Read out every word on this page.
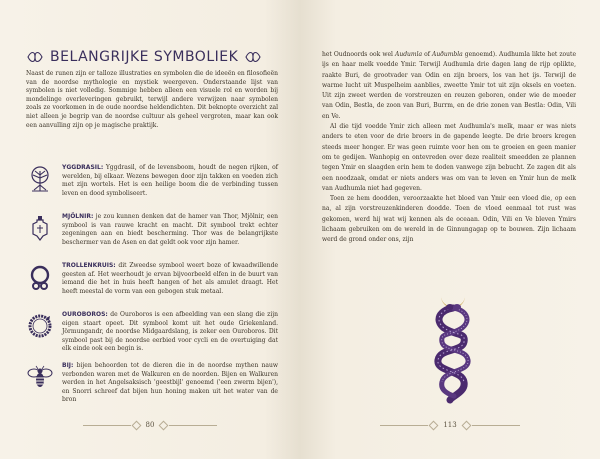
BELANGRIJKE SYMBOLIEK

Naast de runen zijn er talloze illustraties en symbolen die de ideeën en filosofieën van de noordse mythologie en mystiek weergeven. Onderstaande lijst van symbolen is niet volledig. Sommige hebben alleen een visuele rol en worden bij mondelinge overleveringen gebruikt, terwijl andere verwijzen naar symbolen zoals ze voorkomen in de oude noordse heldendichten. Dit beknopte overzicht zal niet alleen je begrip van de noordse cultuur als geheel vergroten, maar kan ook een aanvulling zijn op je magische praktijk.

YGGDRASIL: Yggdrasil, of de levensboom, houdt de negen rijken, of werelden, bij elkaar. Wezens bewegen door zijn takken en voeden zich met zijn wortels. Het is een heilige boom die de verbinding tussen leven en dood symboliseert.

MJÖLNIR: je zou kunnen denken dat de hamer van Thor, Mjölnir, een symbool is van rauwe kracht en macht. Dit symbool trekt echter zegeningen aan en biedt bescherming. Thor was de belangrijkste beschermer van de Asen en dat geldt ook voor zijn hamer.

TROLLENKRUIS: dit Zweedse symbool weert boze of kwaadwillende geesten af. Het weerhoudt je ervan bijvoorbeeld elfen in de buurt van iemand die het in huis heeft hangen of het als amulet draagt. Het heeft meestal de vorm van een gebogen stuk metaal.

OUROBOROS: de Ouroboros is een afbeelding van een slang die zijn eigen staart opeet. Dit symbool komt uit het oude Griekenland. Jörmungandr, de noordse Midgaardslang, is zeker een Ouroboros. Dit symbool past bij de noordse eerbied voor cycli en de overtuiging dat elk einde ook een begin is.

BIJ: bijen behoorden tot de dieren die in de noordse mythen nauw verbonden waren met de Walkuren en de noorden. Bijen en Walkuren werden in het Angelsaksisch 'geestbijl' genoemd ('een zwerm bijen'), en Snorri schreef dat bijen hun honing maken uit het water van de bron

80

het Oudnoords ook wel Audumla of Auðumbla genoemd). Audhumla likte het zoute ijs en haar melk voedde Ymir. Terwijl Audhumla drie dagen lang de rijp oplikte, raakte Buri, de grootvader van Odin en zijn broers, los van het ijs. Terwijl de warme lucht uit Muspelheim aanblies, zweette Ymir tot uit zijn oksels en voeten. Uit zijn zweet werden de vorstreuzen en reuzen geboren, onder wie de moeder van Odin, Bestla, de zoon van Buri, Burrm, en de drie zonen van Bestla: Odin, Vili en Ve.

Al die tijd voedde Ymir zich alleen met Audhumla's melk, maar er was niets anders te eten voor de drie broers in de gapende leegte. De drie broers kregen steeds meer honger. Er was geen ruimte voor hen om te groeien en geen manier om te gedijen. Wanhopig en ontevreden over deze realiteit smeedden ze plannen tegen Ymir en slaagden erin hem te doden vanwege zijn bebucht. Ze zagen dit als een noodzaak, omdat er niets anders was om van te leven en Ymir hun de melk van Audhumla niet had gegeven.

Toen ze hem doodden, veroorzaakte het bloed van Ymir een vloed die, op een na, al zijn vorstreuzenkinderen doodde. Toen de vloed eenmaal tot rust was gekomen, werd hij wat wij kennen als de oceaan. Odin, Vili en Ve bleven Ymirs lichaam gebruiken om de wereld in de Ginnungagap op te bouwen. Zijn lichaam werd de grond onder ons, zijn

113
